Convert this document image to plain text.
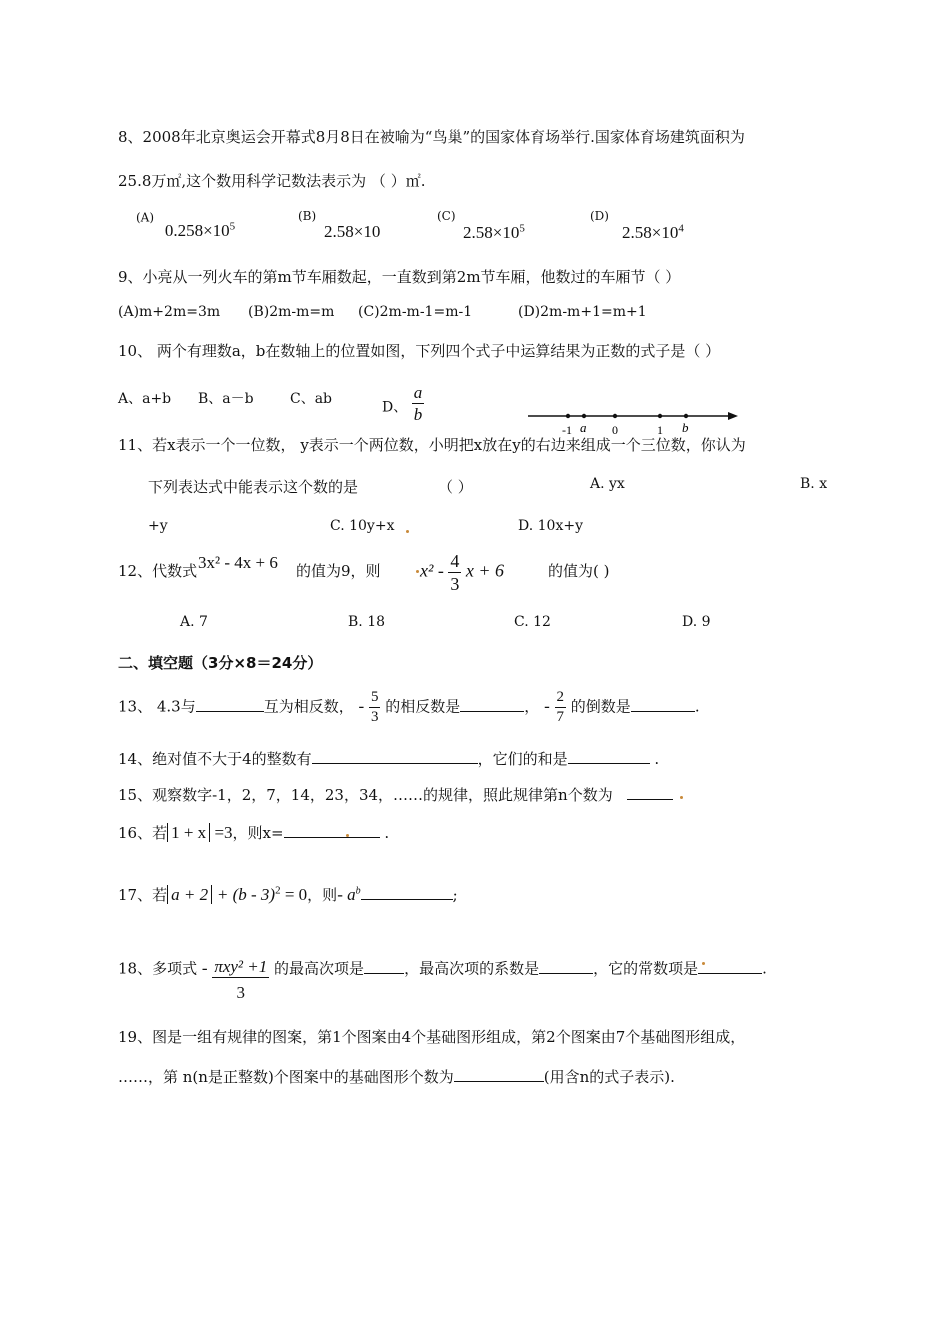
8、2008年北京奥运会开幕式8月8日在被喻为“鸟巢”的国家体育场举行.国家体育场建筑面积为
25.8万㎡,这个数用科学记数法表示为 （ ）㎡.
(A) $0.258\times 10^5$
(B)
2.58×10
(C)
$2.58\times 10^5$
(D)
$2.58\times 10^4$
9、小亮从一列火车的第m节车厢数起，一直数到第2m节车厢，他数过的车厢节（ ）
(A)m+2m=3m (B)2m-m=m (C)2m-m-1=m-1	(D)2m-m+1=m+1
10、 两个有理数a，b在数轴上的位置如图，下列四个式子中运算结果为正数的式子是（ ）
A、a+b B、a－b	C、ab
D、 $\frac{a}{b}$
-1 a 0	1 b
11、若x表示一个一位数， y表示一个两位数，小明把x放在y的右边来组成一个三位数，你认为
下列表达式中能表示这个数的是	（ ）	A. yx	B. x
+y	C. 10y+x	D. 10x+y
12、代数式 3x² - 4x + 6 的值为9，则 $x^2 - \frac{4}{3}$ x + 6	的值为( )
A. 7	B. 18	C. 12	D. 9
二、填空题（3分×8＝24分）
13、 4.3与	互为相反数， - $\frac{5}{3}$ 的相反数是	， - $\frac{2}{7}$ 的倒数是	.
14、绝对值不大于4的整数有	，它们的和是	.
15、观察数字-1，2，7，14，23，34，……的规律，照此规律第n个数为
16、若 1 + x =3，则x=	.
17、若 a + 2 + (b - 3)$^2$ = 0，则- $a^b$	;
18、多项式 - $\frac{\text{πxy² +1}}{3}$ 的最高次项是	，最高次项的系数是	，它的常数项是	.
19、图是一组有规律的图案，第1个图案由4个基础图形组成，第2个图案由7个基础图形组成，
……，第 n(n是正整数)个图案中的基础图形个数为	(用含n的式子表示).
